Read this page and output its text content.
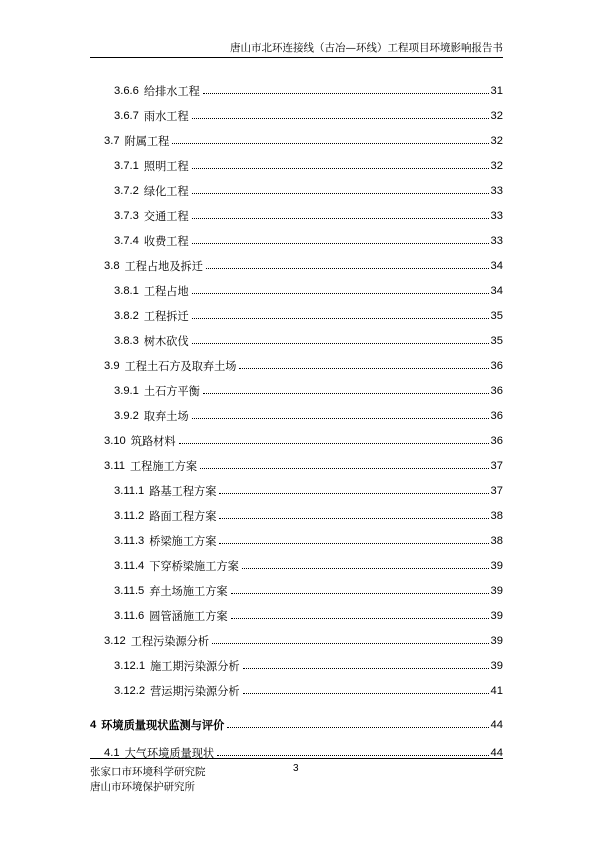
唐山市北环连接线（古冶—环线）工程项目环境影响报告书
3.6.6 给排水工程	31
3.6.7 雨水工程	32
3.7 附属工程	32
3.7.1 照明工程	32
3.7.2 绿化工程	33
3.7.3 交通工程	33
3.7.4 收费工程	33
3.8 工程占地及拆迁	34
3.8.1 工程占地	34
3.8.2 工程拆迁	35
3.8.3 树木砍伐	35
3.9 工程土石方及取弃土场	36
3.9.1 土石方平衡	36
3.9.2 取弃土场	36
3.10 筑路材料	36
3.11 工程施工方案	37
3.11.1 路基工程方案	37
3.11.2 路面工程方案	38
3.11.3 桥梁施工方案	38
3.11.4 下穿桥梁施工方案	39
3.11.5 弃土场施工方案	39
3.11.6 圆管涵施工方案	39
3.12 工程污染源分析	39
3.12.1 施工期污染源分析	39
3.12.2 营运期污染源分析	41
4 环境质量现状监测与评价	44
4.1 大气环境质量现状	44
张家口市环境科学研究院
唐山市环境保护研究所
3
